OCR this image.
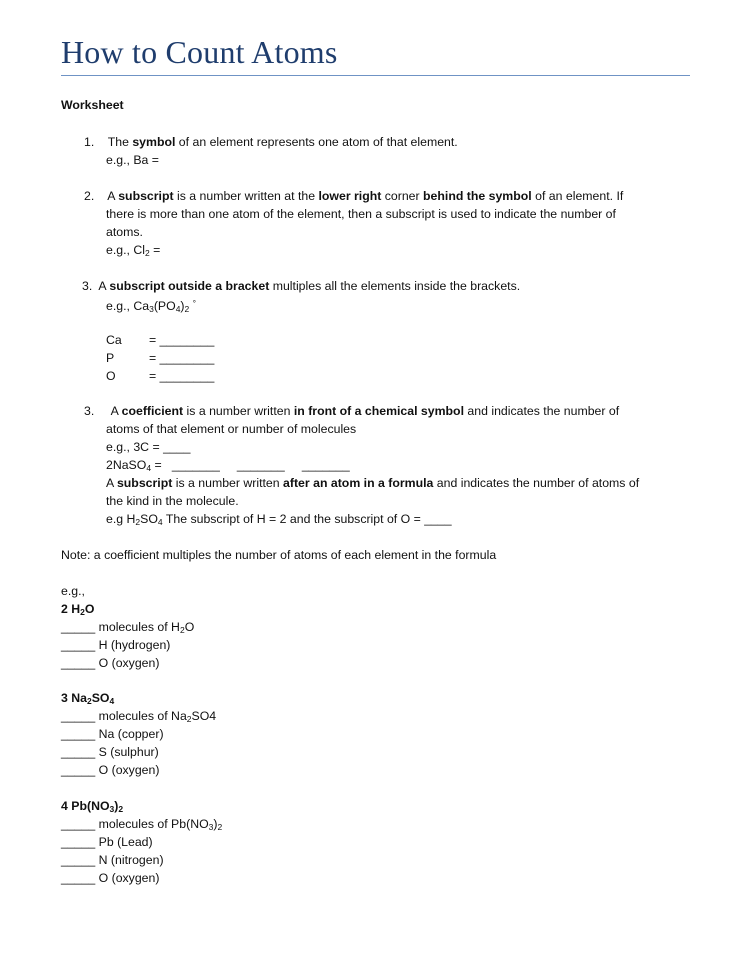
How to Count Atoms
Worksheet
1. The symbol of an element represents one atom of that element.
e.g., Ba =
2. A subscript is a number written at the lower right corner behind the symbol of an element. If
there is more than one atom of the element, then a subscript is used to indicate the number of
atoms.
e.g., $Cl_2$ =
3. A subscript outside a bracket multiples all the elements inside the brackets.
e.g., $Ca_3(PO_4)_2$ °
Ca = ________
P	= ________
O	= ________
3. A coefficient is a number written in front of a chemical symbol and indicates the number of
atoms of that element or number of molecules
e.g., 3C = ____
2NaSO$_4$ =   _______     _______     _______
A subscript is a number written after an atom in a formula and indicates the number of atoms of
the kind in the molecule.
e.g $H_2SO_4$ The subscript of H = 2 and the subscript of O = ____
Note: a coefficient multiples the number of atoms of each element in the formula
e.g.,
2 $H_2O$
_____ molecules of $H_2O$
_____ H (hydrogen)
_____ O (oxygen)
3 $Na_2SO_4$
_____ molecules of $Na_2SO4$
_____ Na (copper)
_____ S (sulphur)
_____ O (oxygen)
4 $Pb(NO_3)_2$
_____ molecules of $Pb(NO_3)_2$
_____ Pb (Lead)
_____ N (nitrogen)
_____ O (oxygen)
